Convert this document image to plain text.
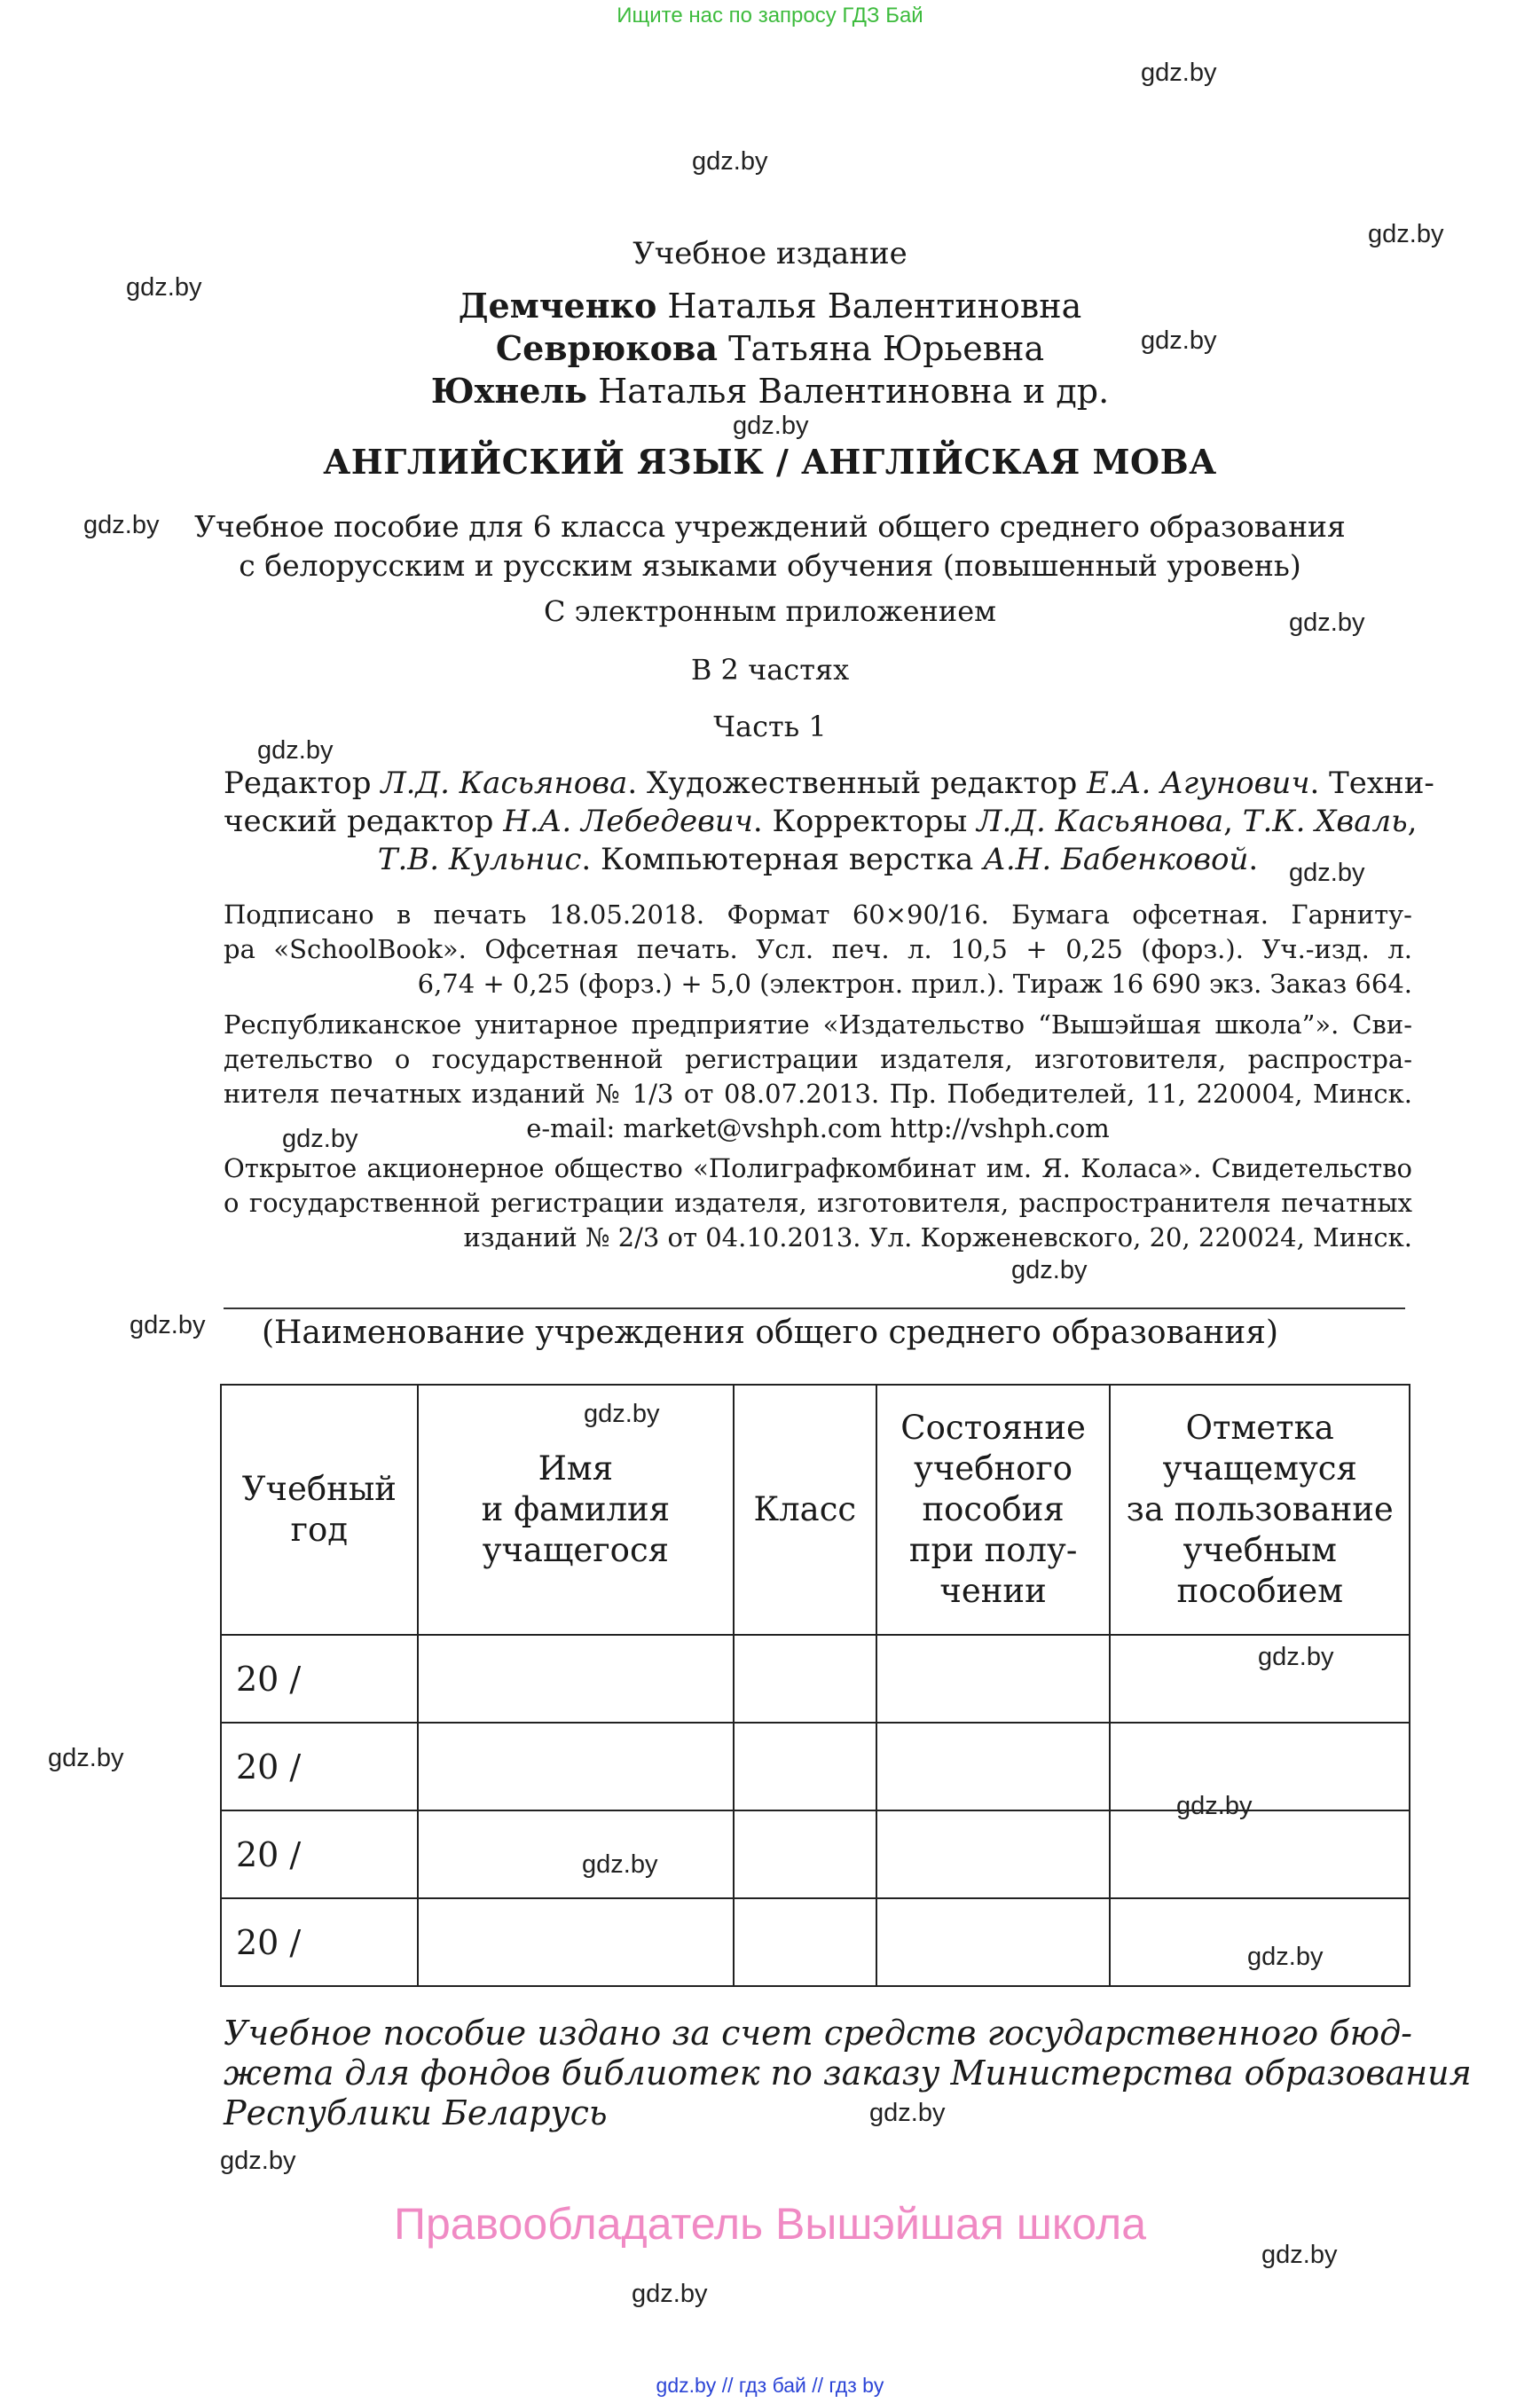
Ищите нас по запросу ГДЗ Бай
gdz.by
gdz.by
gdz.by
gdz.by
gdz.by
gdz.by
gdz.by
gdz.by
gdz.by
gdz.by
gdz.by
gdz.by
gdz.by
gdz.by
gdz.by
gdz.by
gdz.by
gdz.by
gdz.by
gdz.by
gdz.by
gdz.by
gdz.by
Учебное издание
Демченко Наталья Валентиновна
Севрюкова Татьяна Юрьевна
Юхнель Наталья Валентиновна и др.
АНГЛИЙСКИЙ ЯЗЫК / АНГЛІЙСКАЯ МОВА
Учебное пособие для 6 класса учреждений общего среднего образования
с белорусским и русским языками обучения (повышенный уровень)
С электронным приложением
В 2 частях
Часть 1
Редактор Л.Д. Касьянова. Художественный редактор Е.А. Агунович. Техни-
ческий редактор Н.А. Лебедевич. Корректоры Л.Д. Касьянова, Т.К. Хваль,
Т.В. Кульнис. Компьютерная верстка А.Н. Бабенковой.
Подписано в печать 18.05.2018. Формат 60×90/16. Бумага офсетная. Гарниту-
ра «SchoolBook». Офсетная печать. Усл. печ. л. 10,5 + 0,25 (форз.). Уч.-изд. л.
6,74 + 0,25 (форз.) + 5,0 (электрон. прил.). Тираж 16 690 экз. Заказ 664.
Республиканское унитарное предприятие «Издательство “Вышэйшая школа”». Сви-
детельство о государственной регистрации издателя, изготовителя, распростра-
нителя печатных изданий № 1/3 от 08.07.2013. Пр. Победителей, 11, 220004, Минск.
e-mail: market@vshph.com http://vshph.com
Открытое акционерное общество «Полиграфкомбинат им. Я. Коласа». Свидетельство
о государственной регистрации издателя, изготовителя, распространителя печатных
изданий № 2/3 от 04.10.2013. Ул. Корженевского, 20, 220024, Минск.
(Наименование учреждения общего среднего образования)
Учебный
год	Имя
и фамилия
учащегося	Класс	Состояние
учебного
пособия
при полу-
чении	Отметка
учащемуся
за пользование
учебным
пособием
20 /				
20 /				
20 /				
20 /				
Учебное пособие издано за счет средств государственного бюд-
жета для фондов библиотек по заказу Министерства образования
Республики Беларусь
Правообладатель Вышэйшая школа
gdz.by // гдз бай // гдз by
